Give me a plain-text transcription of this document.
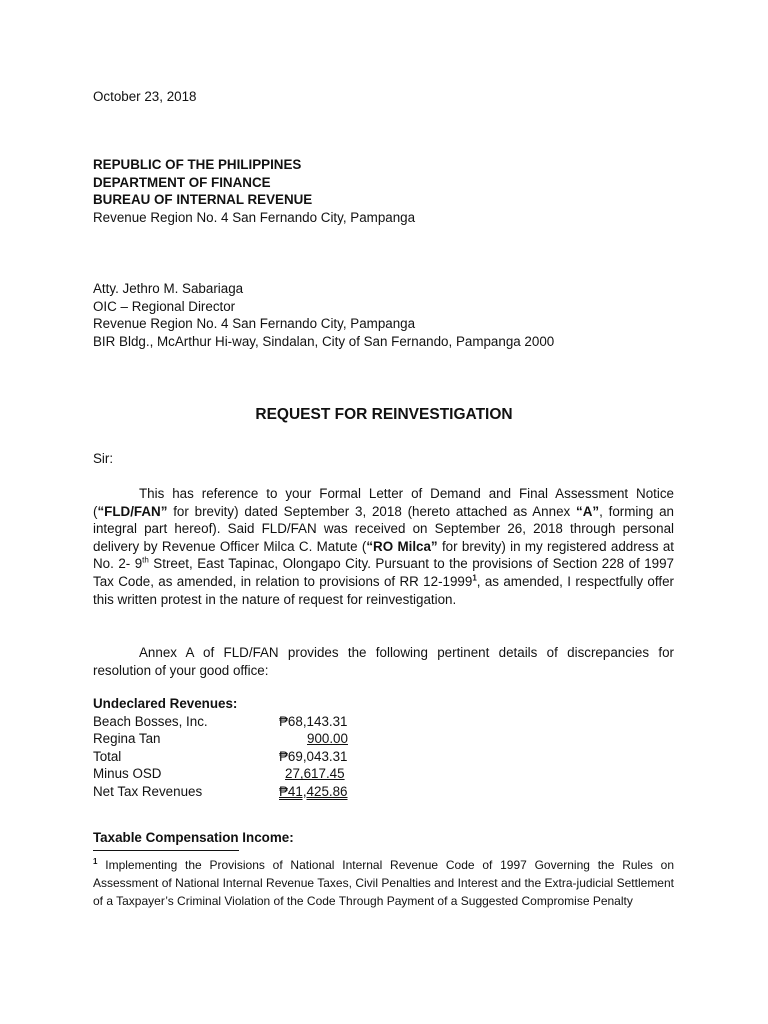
October 23, 2018
REPUBLIC OF THE PHILIPPINES
DEPARTMENT OF FINANCE
BUREAU OF INTERNAL REVENUE
Revenue Region No. 4 San Fernando City, Pampanga
Atty. Jethro M. Sabariaga
OIC – Regional Director
Revenue Region No. 4 San Fernando City, Pampanga
BIR Bldg., McArthur Hi-way, Sindalan, City of San Fernando, Pampanga 2000
REQUEST FOR REINVESTIGATION
Sir:
This has reference to your Formal Letter of Demand and Final Assessment Notice (“FLD/FAN” for brevity) dated September 3, 2018 (hereto attached as Annex “A”, forming an integral part hereof). Said FLD/FAN was received on September 26, 2018 through personal delivery by Revenue Officer Milca C. Matute (“RO Milca” for brevity) in my registered address at No. 2- 9th Street, East Tapinac, Olongapo City. Pursuant to the provisions of Section 228 of 1997 Tax Code, as amended, in relation to provisions of RR 12-1999$^1$, as amended, I respectfully offer this written protest in the nature of request for reinvestigation.
Annex A of FLD/FAN provides the following pertinent details of discrepancies for resolution of your good office:
Undeclared Revenues:
Beach Bosses, Inc.	₱68,143.31
Regina Tan	900.00
Total	₱69,043.31
Minus OSD	27,617.45
Net Tax Revenues	₱41,425.86
Taxable Compensation Income:
$^1$ Implementing the Provisions of National Internal Revenue Code of 1997 Governing the Rules on Assessment of National Internal Revenue Taxes, Civil Penalties and Interest and the Extra-judicial Settlement of a Taxpayer’s Criminal Violation of the Code Through Payment of a Suggested Compromise Penalty
